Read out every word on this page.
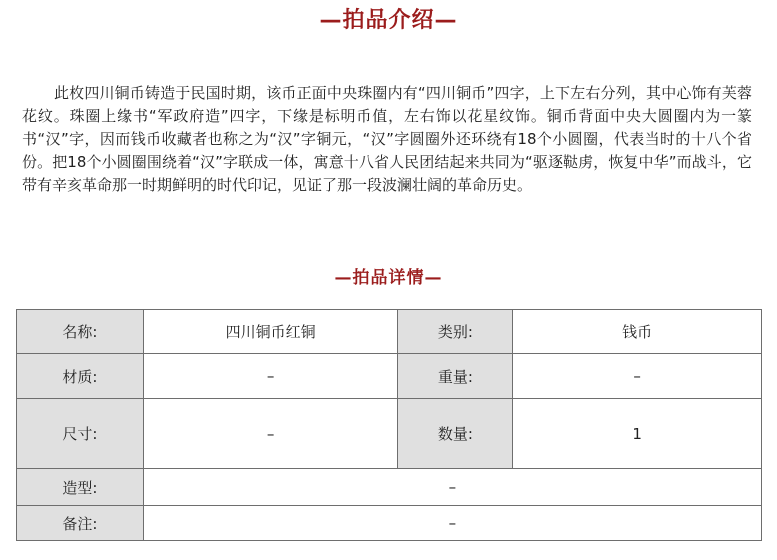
—拍品介绍—

此枚四川铜币铸造于民国时期，该币正面中央珠圈内有“四川铜币”四字，上下左右分列，其中心饰有芙蓉花纹。珠圈上缘书“军政府造”四字，下缘是标明币值，左右饰以花星纹饰。铜币背面中央大圆圈内为一篆书“汉”字，因而钱币收藏者也称之为“汉”字铜元，“汉”字圆圈外还环绕有18个小圆圈，代表当时的十八个省份。把18个小圆圈围绕着“汉”字联成一体，寓意十八省人民团结起来共同为“驱逐鞑虏，恢复中华”而战斗，它带有辛亥革命那一时期鲜明的时代印记，见证了那一段波澜壮阔的革命历史。

—拍品详情—
名称:	四川铜币红铜	类别:	钱币
材质:	–	重量:	–
尺寸:	–	数量:	1
造型:	–		
备注:	–		
